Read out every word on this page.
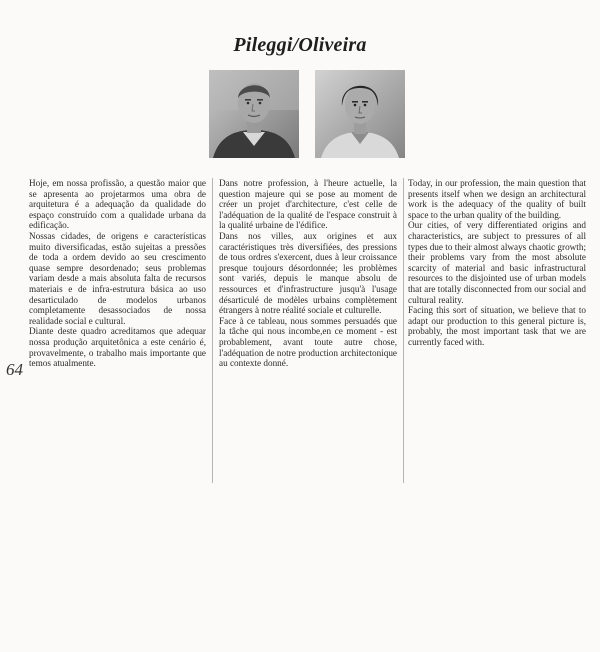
Pileggi/Oliveira
64

Hoje, em nossa profissão, a questão maior que se apresenta ao projetarmos uma obra de arquitetura é a adequação da qualidade do espaço construído com a qualidade urbana da edificação.

Nossas cidades, de origens e características muito diversificadas, estão sujeitas a pressões de toda a ordem devido ao seu crescimento quase sempre desordenado; seus problemas variam desde a mais absoluta falta de recursos materiais e de infra-estrutura básica ao uso desarticulado de modelos urbanos completamente desassociados de nossa realidade social e cultural.

Diante deste quadro acreditamos que adequar nossa produção arquitetônica a este cenário é, provavelmente, o trabalho mais importante que temos atualmente.

Dans notre profession, à l'heure actuelle, la question majeure qui se pose au moment de créer un projet d'architecture, c'est celle de l'adéquation de la qualité de l'espace construit à la qualité urbaine de l'édifice.

Dans nos villes, aux origines et aux caractéristiques très diversifiées, des pressions de tous ordres s'exercent, dues à leur croissance presque toujours désordonnée; les problèmes sont variés, depuis le manque absolu de ressources et d'infrastructure jusqu'à l'usage désarticulé de modèles urbains complètement étrangers à notre réalité sociale et culturelle.

Face à ce tableau, nous sommes persuadés que la tâche qui nous incombe,en ce moment - est probablement, avant toute autre chose, l'adéquation de notre production architectonique au contexte donné.

Today, in our profession, the main question that presents itself when we design an architectural work is the adequacy of the quality of built space to the urban quality of the building.

Our cities, of very differentiated origins and characteristics, are subject to pressures of all types due to their almost always chaotic growth; their problems vary from the most absolute scarcity of material and basic infrastructural resources to the disjointed use of urban models that are totally disconnected from our social and cultural reality.

Facing this sort of situation, we believe that to adapt our production to this general picture is, probably, the most important task that we are currently faced with.
